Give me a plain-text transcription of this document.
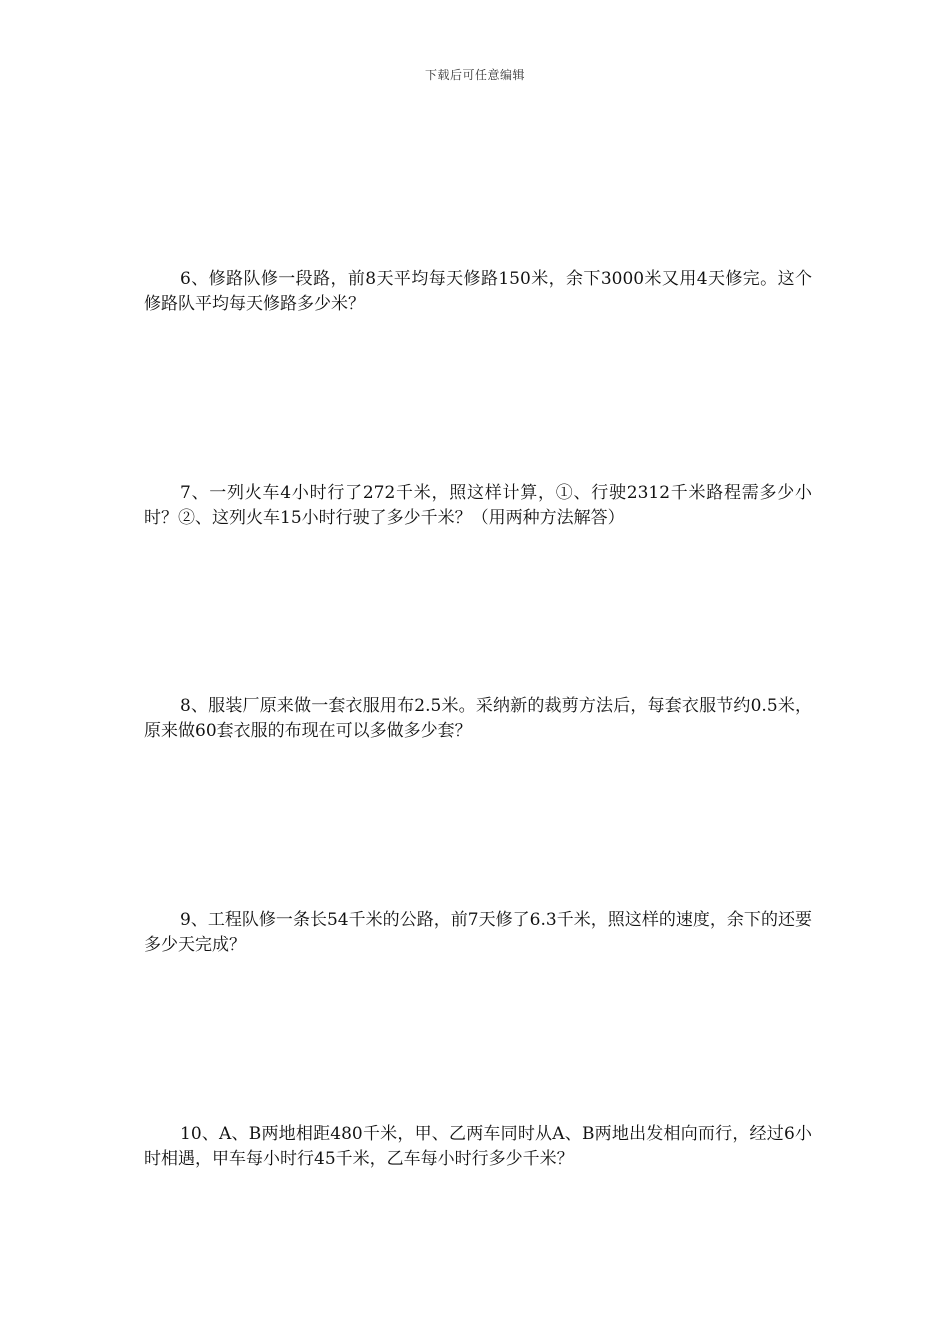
下载后可任意编辑

6、修路队修一段路，前8天平均每天修路150米，余下3000米又用4天修完。这个修路队平均每天修路多少米？

7、一列火车4小时行了272千米，照这样计算，①、行驶2312千米路程需多少小时？②、这列火车15小时行驶了多少千米？（用两种方法解答）

8、服装厂原来做一套衣服用布2.5米。采纳新的裁剪方法后，每套衣服节约0.5米，原来做60套衣服的布现在可以多做多少套？

9、工程队修一条长54千米的公路，前7天修了6.3千米，照这样的速度，余下的还要多少天完成？

10、A、B两地相距480千米，甲、乙两车同时从A、B两地出发相向而行，经过6小时相遇，甲车每小时行45千米，乙车每小时行多少千米？
